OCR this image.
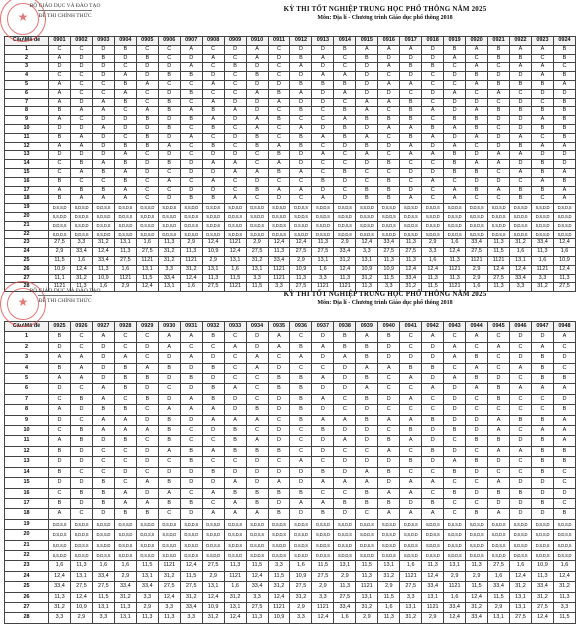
★
BỘ GIÁO DỤC VÀ ĐÀO TẠO
ĐỀ THI CHÍNH THỨC
KỲ THI TỐT NGHIỆP TRUNG HỌC PHỔ THÔNG NĂM 2025
Môn: Địa lí - Chương trình Giáo dục phổ thông 2018
Câu\Mã đề	0901	0902	0903	0904	0905	0906	0907	0908	0909	0910	0911	0912	0913	0914	0915	0916	0917	0918	0919	0920	0921	0922	0923	0924
1	C	C	D	B	C	C	A	C	D	A	C	D	D	B	A	A	A	D	B	A	B	A	A	B
2	A	D	B	D	B	C	D	A	C	A	D	B	A	C	B	D	D	D	A	C	B	B	C	B
3	D	D	D	C	D	D	A	C	B	D	C	A	D	C	D	A	B	B	C	A	C	A	A	C
4	C	C	D	A	D	B	B	D	C	B	C	D	A	A	D	C	D	C	D	B	D	D	A	B
5	A	C	C	B	A	C	C	A	C	D	D	B	B	B	D	A	A	C	C	A	B	B	B	A
6	A	C	C	A	C	D	B	C	C	A	B	A	D	A	D	D	C	D	A	C	A	C	D	D
7	A	D	A	B	C	B	C	A	D	D	A	D	D	C	A	A	B	C	D	D	C	D	C	B
8	B	A	A	C	A	B	A	B	A	D	C	B	C	B	A	C	B	A	D	A	B	B	B	B
9	A	C	D	D	B	D	B	A	D	A	B	C	C	A	B	B	B	C	B	B	D	D	A	B
10	D	D	A	D	D	B	C	B	C	A	C	A	D	B	D	A	A	B	A	B	C	D	B	B
11	B	A	D	C	B	D	A	C	D	B	C	B	A	B	A	C	B	A	D	A	D	A	C	B
12	A	A	D	B	B	A	C	B	C	B	A	B	C	D	B	D	A	D	A	C	D	B	A	A
13	D	D	D	A	C	D	C	D	D	C	B	D	A	C	A	C	A	A	B	D	A	A	D	D
14	C	B	A	B	D	B	D	A	A	C	A	D	C	C	D	B	C	C	B	A	A	D	B	D
15	C	A	B	A	D	C	D	D	A	A	B	A	C	B	C	C	D	D	B	B	C	A	B	A
16	B	C	C	B	C	A	C	A	C	D	C	C	B	D	C	B	C	A	C	D	D	C	A	B
17	A	B	B	A	C	C	D	D	C	B	A	A	D	C	B	B	D	C	A	B	A	B	B	A
18	B	A	A	A	C	D	B	B	A	C	D	C	A	D	B	B	A	C	A	C	C	B	C	A
19	D,S,S,D	S,D,S,D	D,D,S,S	D,S,D,S	D,S,S,D	S,D,D,S	S,S,D,D	D,S,D,S	S,D,S,D	D,S,S,D	S,D,S,D	D,D,S,S	S,D,D,S	D,S,D,S	S,S,D,D	D,S,S,D	S,D,S,D	D,S,D,S	S,D,D,S	D,D,S,S	S,D,S,D	D,S,S,D	S,S,D,D	D,S,D,S
20	S,S,D,D	D,S,D,S	S,D,S,D	D,D,S,S	S,D,D,S	D,S,S,D	D,S,D,S	S,D,S,D	D,D,S,S	S,S,D,D	D,S,S,D	S,D,D,S	D,S,D,S	S,D,S,D	D,S,S,D	S,D,D,S	D,D,S,S	S,S,D,D	D,S,S,D	S,D,S,D	D,S,D,S	S,D,D,S	D,S,S,D	S,D,S,D
21	D,D,S,S	S,S,D,D	D,S,D,S	S,D,S,D	D,S,S,D	S,D,S,D	D,D,S,S	S,D,D,S	D,S,S,D	D,S,D,S	S,D,D,S	D,S,S,D	S,S,D,D	D,D,S,S	S,D,S,D	D,S,D,S	S,D,D,S	D,S,S,D	S,D,S,D	D,S,D,S	S,S,D,D	D,D,S,S	S,D,S,D	D,S,S,D
22	S,D,D,S	D,D,S,S	S,S,D,D	D,S,S,D	S,D,S,D	D,D,S,S	S,D,S,D	D,S,S,D	S,D,D,S	S,D,S,D	D,D,S,S	S,S,D,D	D,S,S,D	S,D,D,S	D,S,D,S	S,S,D,D	D,S,S,D	S,D,D,S	D,S,D,S	S,D,S,D	D,D,S,S	S,D,D,S	D,S,S,D	S,D,S,D
23	27,5	3,3	31,2	13,1	1,6	11,3	2,9	12,4	1121	2,9	12,4	12,4	11,3	2,9	12,4	33,4	11,3	2,9	1,6	33,4	11,3	31,2	33,4	12,4
24	2,9	33,4	12,4	11,3	27,5	31,2	11,3	10,9	12,4	27,5	11,3	27,5	27,5	33,4	3,3	27,5	27,5	3,3	12,4	27,5	11,5	1,6	11,3	1,6
25	11,5	1,6	33,4	27,5	1121	31,2	1121	2,9	13,1	31,2	33,4	2,9	13,1	31,2	13,1	11,3	11,3	1,6	11,3	1121	1121	13,1	1,6	10,9
26	10,9	12,4	11,3	1,6	13,1	3,3	31,2	13,1	1,6	13,1	1121	10,9	1,6	12,4	10,9	10,9	12,4	12,4	1121	2,9	12,4	12,4	1121	12,4
27	11,1	31,2	10,9	1121	11,5	33,4	12,4	11,3	11,5	3,3	1121	11,3	3,3	11,3	31,2	11,5	33,4	11,3	11,3	2,9	27,5	33,4	3,3	11,3
28	1121	11,3	1,6	2,9	12,4	13,1	1,6	27,5	1121	11,5	3,3	27,5	1121	1121	11,3	3,3	31,2	11,5	1121	1,6	11,3	3,3	31,2	27,5
★
BỘ GIÁO DỤC VÀ ĐÀO TẠO
ĐỀ THI CHÍNH THỨC
KỲ THI TỐT NGHIỆP TRUNG HỌC PHỔ THÔNG NĂM 2025
Môn: Địa lí - Chương trình Giáo dục phổ thông 2018
Câu\Mã đề	0925	0926	0927	0928	0929	0930	0931	0932	0933	0934	0935	0936	0937	0938	0939	0940	0941	0942	0943	0944	0945	0946	0947	0948
1	B	C	A	C	C	A	A	B	C	D	A	C	D	B	A	B	C	A	C	A	C	D	D	A
2	D	C	D	C	D	A	C	C	A	D	A	B	A	B	B	D	C	D	A	C	A	C	A	C
3	A	A	D	A	C	D	A	D	C	A	C	A	D	A	B	D	D	D	A	B	C	D	B	D
4	B	A	D	B	A	B	D	B	C	A	D	C	C	D	A	A	B	B	C	A	C	A	B	C
5	A	A	D	B	B	D	B	D	C	C	B	B	A	D	B	C	A	D	A	B	D	C	B	B
6	D	C	A	B	D	C	D	B	A	C	B	B	D	D	A	C	C	A	D	A	B	A	A	A
7	C	B	A	C	B	D	A	B	D	C	D	B	A	C	B	D	A	C	D	C	B	C	C	D
8	A	D	B	B	C	A	A	A	D	B	D	B	D	C	D	C	C	C	D	C	C	C	C	B
9	D	C	A	A	D	B	D	A	A	A	C	B	A	A	B	A	A	B	D	D	A	B	B	A
10	C	B	A	A	A	B	C	D	B	C	D	C	B	D	D	C	B	D	B	D	A	C	A	A
11	A	B	D	B	C	B	C	C	B	A	D	C	D	A	D	B	A	D	C	B	B	D	B	A
12	B	D	C	C	D	A	B	A	B	B	B	C	D	C	C	A	C	B	D	C	A	A	B	B
13	D	D	C	C	D	C	B	C	C	D	C	A	C	D	D	D	B	D	A	B	D	C	B	B
14	B	C	C	D	C	D	D	B	D	D	D	D	B	D	A	B	C	C	B	D	C	C	B	C
15	D	D	B	C	A	B	D	D	A	D	A	D	A	A	A	D	A	A	C	C	A	D	D	C
16	C	B	B	A	D	A	C	A	B	B	B	B	C	C	B	A	A	C	B	D	B	B	D	D
17	B	D	B	A	A	B	B	C	A	B	D	A	A	B	B	B	D	B	C	C	D	D	B	C
18	A	C	D	B	B	C	D	A	A	A	B	D	B	D	C	A	A	A	C	B	A	D	D	B
19	D,D,S,S	D,S,D,S	S,D,S,D	D,S,S,D	S,S,D,D	D,S,D,S	S,D,D,S	D,S,S,D	D,D,S,S	S,D,S,D	D,S,D,S	S,D,D,S	D,S,S,D	S,S,D,D	D,S,D,S	S,D,S,D	D,D,S,S	S,D,D,S	D,S,S,D	S,D,S,D	D,S,D,S	S,S,D,D	D,S,S,D	S,D,S,D
20	D,S,D,S	S,D,D,S	D,S,S,D	S,D,S,D	D,D,S,S	S,S,D,D	D,S,S,D	S,D,S,D	D,S,D,S	D,D,S,S	S,D,D,S	D,S,S,D	S,D,S,D	D,S,D,S	S,D,D,S	D,S,S,D	S,S,D,D	D,D,S,S	S,D,S,D	D,S,D,S	S,D,D,S	D,S,S,D	S,D,S,D	D,D,S,S
21	S,D,S,D	D,D,S,S	S,S,D,D	D,S,D,S	S,D,D,S	D,S,S,D	S,D,S,D	D,D,S,S	S,D,D,S	D,S,S,D	S,S,D,D	D,S,D,S	S,D,D,S	D,S,S,D	D,D,S,S	S,D,S,D	D,S,D,S	S,D,D,S	D,S,S,D	S,S,D,D	D,D,S,S	S,D,S,D	D,S,D,S	S,D,D,S
22	S,S,D,D	S,D,S,D	D,D,S,S	S,D,D,S	D,S,S,D	S,D,S,D	D,S,D,S	S,S,D,D	D,S,S,D	S,D,D,S	D,S,D,S	S,D,S,D	D,D,S,S	S,D,D,S	S,S,D,D	D,S,D,S	S,D,S,D	D,S,S,D	S,D,D,S	D,S,D,S	S,S,D,D	D,D,S,S	S,D,D,S	D,S,S,D
23	1,6	11,3	1,6	1,6	11,5	1121	12,4	27,5	11,3	11,5	3,3	1,6	11,5	13,1	11,5	13,1	1,6	11,3	13,1	11,3	27,5	1,6	10,9	1,6
24	12,4	13,1	33,4	2,9	13,1	31,2	11,5	2,9	1121	12,4	11,5	10,9	27,5	2,9	11,3	31,2	1121	12,4	2,9	2,9	1,6	12,4	11,3	12,4
25	33,4	27,5	27,5	33,4	33,4	27,5	27,5	13,1	1,6	33,4	31,2	27,5	2,9	11,3	1121	2,9	27,5	33,4	1121	11,5	33,4	31,2	33,4	31,2
26	11,3	12,4	11,5	31,2	3,3	12,4	31,2	12,4	31,2	3,3	12,4	31,2	3,3	27,5	13,1	11,5	3,3	13,1	1,6	12,4	11,5	13,1	31,2	11,3
27	31,2	10,9	13,1	11,3	2,9	3,3	33,4	10,9	13,1	27,5	1121	2,9	1121	33,4	31,2	1,6	13,1	1121	33,4	31,2	2,9	13,1	27,5	3,3
28	3,3	2,9	3,3	13,1	11,3	11,3	3,3	31,2	12,4	11,3	10,9	3,3	12,4	1,6	2,9	11,3	31,2	2,9	12,4	33,4	13,1	27,5	12,4	11,5
